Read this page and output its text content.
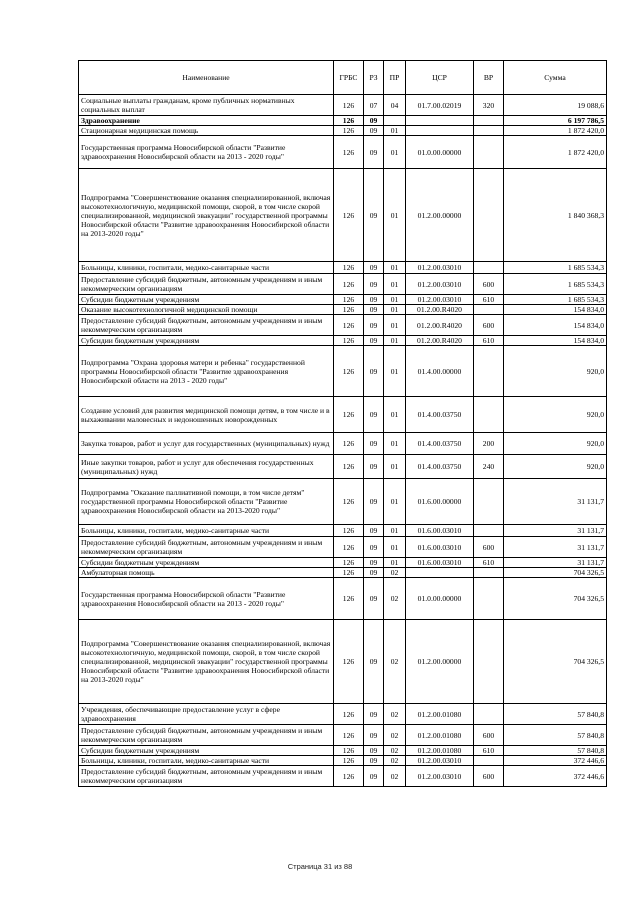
Наименование	ГРБС	РЗ	ПР	ЦСР	ВР	Сумма
Социальные выплаты гражданам, кроме публичных нормативных социальных выплат	126	07	04	01.7.00.02019	320	19 088,6
Здравоохранение	126	09				6 197 786,5
Стационарная медицинская помощь	126	09	01			1 872 420,0
Государственная программа Новосибирской области "Развитие здравоохранения Новосибирской области на 2013 - 2020 годы"	126	09	01	01.0.00.00000		1 872 420,0
Подпрограмма "Совершенствование оказания специализированной, включая высокотехнологичную, медицинской помощи, скорой, в том числе скорой специализированной, медицинской эвакуации" государственной программы Новосибирской области "Развитие здравоохранения Новосибирской области на 2013-2020 годы"	126	09	01	01.2.00.00000		1 840 368,3
Больницы, клиники, госпитали, медико-санитарные части	126	09	01	01.2.00.03010		1 685 534,3
Предоставление субсидий бюджетным, автономным учреждениям и иным некоммерческим организациям	126	09	01	01.2.00.03010	600	1 685 534,3
Субсидии бюджетным учреждениям	126	09	01	01.2.00.03010	610	1 685 534,3
Оказание высокотехнологичной медицинской помощи	126	09	01	01.2.00.R4020		154 834,0
Предоставление субсидий бюджетным, автономным учреждениям и иным некоммерческим организациям	126	09	01	01.2.00.R4020	600	154 834,0
Субсидии бюджетным учреждениям	126	09	01	01.2.00.R4020	610	154 834,0
Подпрограмма "Охрана здоровья матери и ребенка" государственной программы Новосибирской области "Развитие здравоохранения Новосибирской области на 2013 - 2020 годы"	126	09	01	01.4.00.00000		920,0
Создание условий для развития медицинской помощи детям, в том числе и в выхаживании маловесных и недоношенных новорожденных	126	09	01	01.4.00.03750		920,0
Закупка товаров, работ и услуг для государственных (муниципальных) нужд	126	09	01	01.4.00.03750	200	920,0
Иные закупки товаров, работ и услуг для обеспечения государственных (муниципальных) нужд	126	09	01	01.4.00.03750	240	920,0
Подпрограмма "Оказание паллиативной помощи, в том числе детям" государственной программы Новосибирской области "Развитие здравоохранения Новосибирской области на 2013-2020 годы"	126	09	01	01.6.00.00000		31 131,7
Больницы, клиники, госпитали, медико-санитарные части	126	09	01	01.6.00.03010		31 131,7
Предоставление субсидий бюджетным, автономным учреждениям и иным некоммерческим организациям	126	09	01	01.6.00.03010	600	31 131,7
Субсидии бюджетным учреждениям	126	09	01	01.6.00.03010	610	31 131,7
Амбулаторная помощь	126	09	02			704 326,5
Государственная программа Новосибирской области "Развитие здравоохранения Новосибирской области на 2013 - 2020 годы"	126	09	02	01.0.00.00000		704 326,5
Подпрограмма "Совершенствование оказания специализированной, включая высокотехнологичную, медицинской помощи, скорой, в том числе скорой специализированной, медицинской эвакуации" государственной программы Новосибирской области "Развитие здравоохранения Новосибирской области на 2013-2020 годы"	126	09	02	01.2.00.00000		704 326,5
Учреждения, обеспечивающие предоставление услуг в сфере здравоохранения	126	09	02	01.2.00.01080		57 840,8
Предоставление субсидий бюджетным, автономным учреждениям и иным некоммерческим организациям	126	09	02	01.2.00.01080	600	57 840,8
Субсидии бюджетным учреждениям	126	09	02	01.2.00.01080	610	57 840,8
Больницы, клиники, госпитали, медико-санитарные части	126	09	02	01.2.00.03010		372 446,6
Предоставление субсидий бюджетным, автономным учреждениям и иным некоммерческим организациям	126	09	02	01.2.00.03010	600	372 446,6
Страница 31 из 88
